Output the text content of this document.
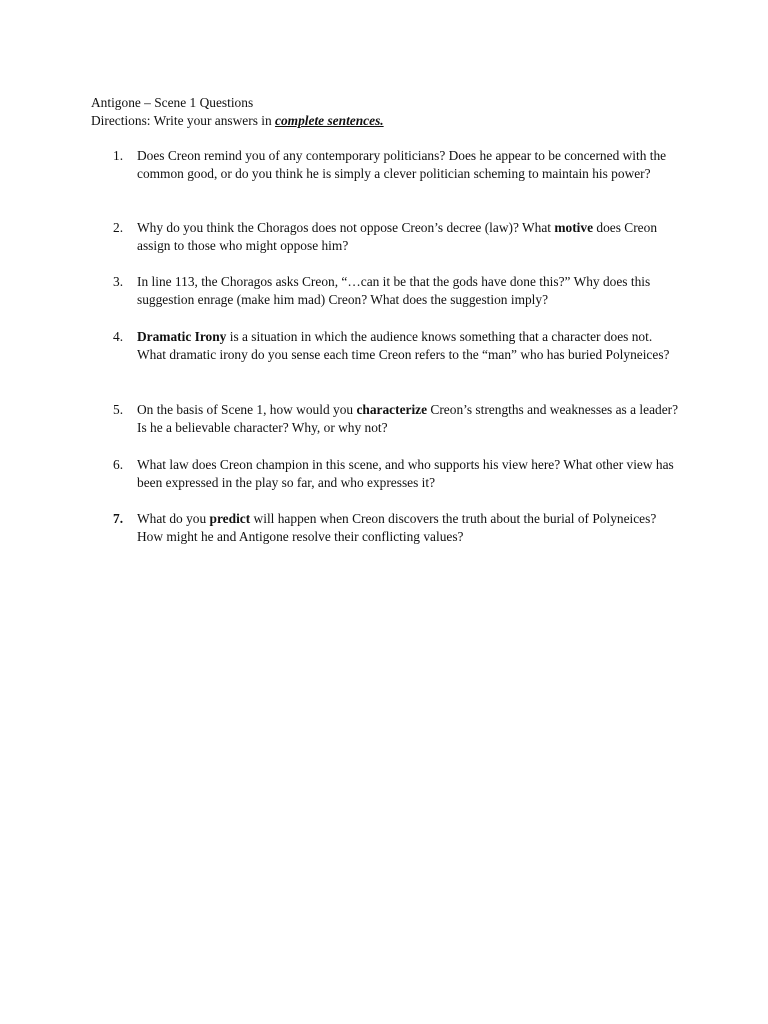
Antigone – Scene 1 Questions
Directions: Write your answers in complete sentences.
1. Does Creon remind you of any contemporary politicians? Does he appear to be concerned with the common good, or do you think he is simply a clever politician scheming to maintain his power?
2. Why do you think the Choragos does not oppose Creon’s decree (law)? What motive does Creon assign to those who might oppose him?
3. In line 113, the Choragos asks Creon, “…can it be that the gods have done this?” Why does this suggestion enrage (make him mad) Creon? What does the suggestion imply?
4. Dramatic Irony is a situation in which the audience knows something that a character does not. What dramatic irony do you sense each time Creon refers to the “man” who has buried Polyneices?
5. On the basis of Scene 1, how would you characterize Creon’s strengths and weaknesses as a leader? Is he a believable character? Why, or why not?
6. What law does Creon champion in this scene, and who supports his view here? What other view has been expressed in the play so far, and who expresses it?
7. What do you predict will happen when Creon discovers the truth about the burial of Polyneices? How might he and Antigone resolve their conflicting values?
